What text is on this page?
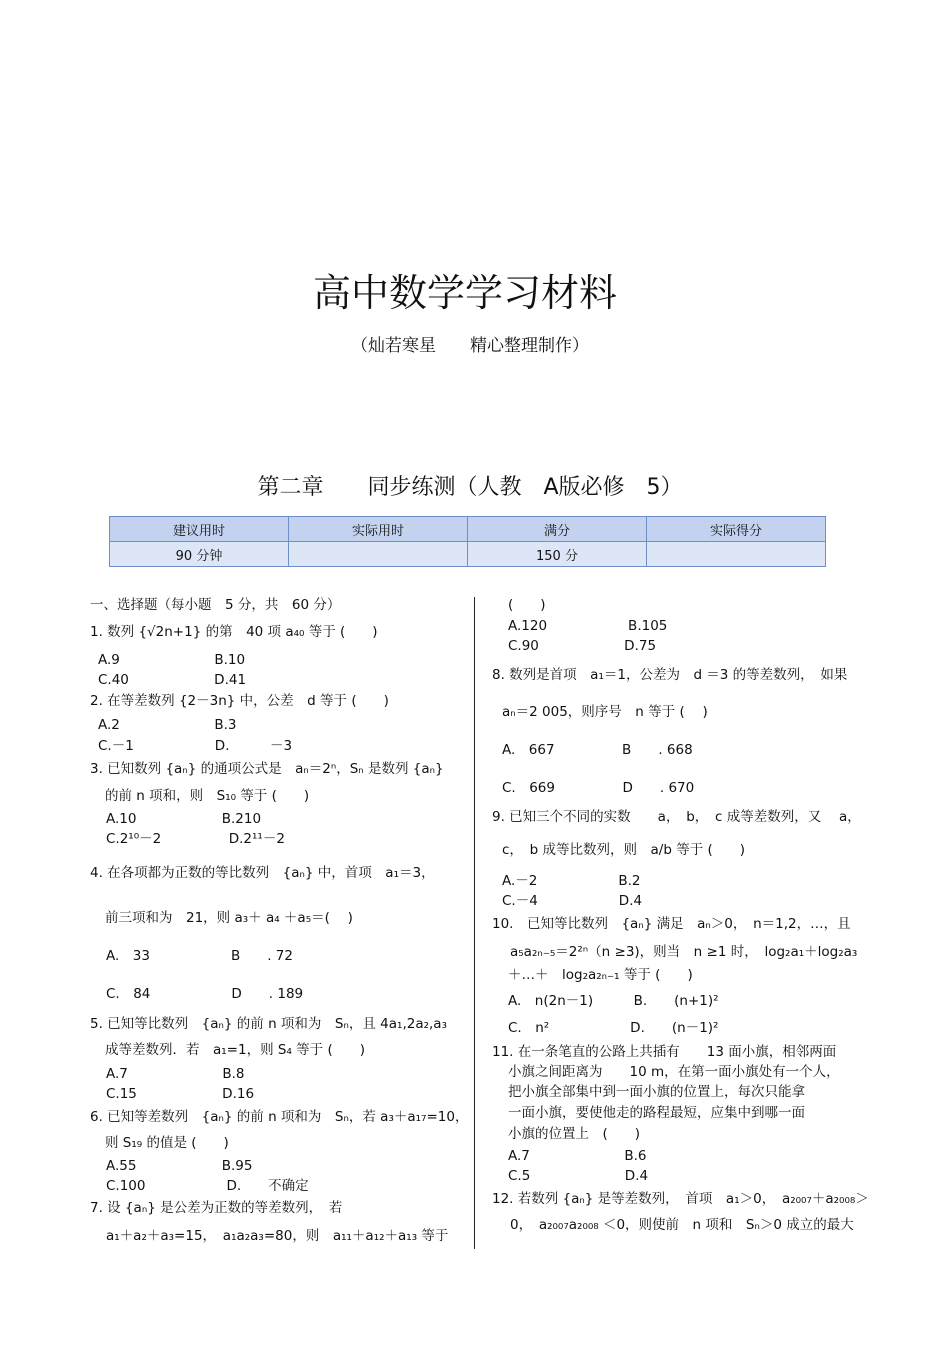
高中数学学习材料
（灿若寒星　　精心整理制作）
第二章　　同步练测（人教　A版必修　5）
建议用时	实际用时	满分	实际得分
90 分钟		150 分	
一、选择题（每小题　5 分，共　60 分）
1. 数列 {√2n+1} 的第　40 项 a₄₀ 等于 (　　)
A.9　　　　　　　B.10
C.40　　　　　　 D.41
2. 在等差数列 {2－3n} 中，公差　d 等于 (　　)
A.2　　　　　　　B.3
C.－1　　　　　　D.　　　－3
3. 已知数列 {aₙ} 的通项公式是　aₙ＝2ⁿ，Sₙ 是数列 {aₙ}
的前 n 项和，则　S₁₀ 等于 (　　)
A.10　　　　　　 B.210
C.2¹⁰－2　　　　　D.2¹¹－2
4. 在各项都为正数的等比数列　{aₙ} 中，首项　a₁＝3，
前三项和为　21，则 a₃＋ a₄ ＋a₅＝(　 )
A.　33　　　　　　B　　. 72
C.　84　　　　　　D　　. 189
5. 已知等比数列　{aₙ} 的前 n 项和为　Sₙ，且 4a₁,2a₂,a₃
成等差数列．若　a₁=1，则 S₄ 等于 (　　)
A.7　　　　　　　B.8
C.15　　　　　　 D.16
6. 已知等差数列　{aₙ} 的前 n 项和为　Sₙ，若 a₃＋a₁₇=10，
则 S₁₉ 的值是 (　　)
A.55　　　　　　 B.95
C.100　　　　　　D.　　不确定
7. 设 {aₙ} 是公差为正数的等差数列，　若
a₁＋a₂＋a₃=15，　a₁a₂a₃=80，则　a₁₁＋a₁₂＋a₁₃ 等于
(　　)
A.120　　　　　　B.105
C.90　　　　　　 D.75
8. 数列是首项　a₁＝1，公差为　d ＝3 的等差数列，　如果
aₙ＝2 005，则序号　n 等于 (　 )
A.　667　　　　　B　　. 668
C.　669　　　　　D　　. 670
9. 已知三个不同的实数　　a，　b，　c 成等差数列，又　 a，
c，　b 成等比数列，则　a/b 等于 (　　)
A.－2　　　　　　B.2
C.－4　　　　　　D.4
10.　已知等比数列　{aₙ} 满足　aₙ＞0，　n＝1,2，…，且
a₅a₂ₙ₋₅＝2²ⁿ（n ≥3)，则当　n ≥1 时，　log₂a₁＋log₂a₃
＋…＋　log₂a₂ₙ₋₁ 等于 (　　)
A.　n(2n－1)　　　B.　　(n+1)²
C.　n²　　　　　　D.　　(n－1)²
11. 在一条笔直的公路上共插有　　13 面小旗，相邻两面
小旗之间距离为　　10 m，在第一面小旗处有一个人，
把小旗全部集中到一面小旗的位置上，每次只能拿
一面小旗，要使他走的路程最短，应集中到哪一面
小旗的位置上　(　　)
A.7　　　　　　　B.6
C.5　　　　　　　D.4
12. 若数列 {aₙ} 是等差数列，　首项　a₁＞0，　a₂₀₀₇＋a₂₀₀₈＞
0，　a₂₀₀₇a₂₀₀₈ ＜0，则使前　n 项和　Sₙ＞0 成立的最大
